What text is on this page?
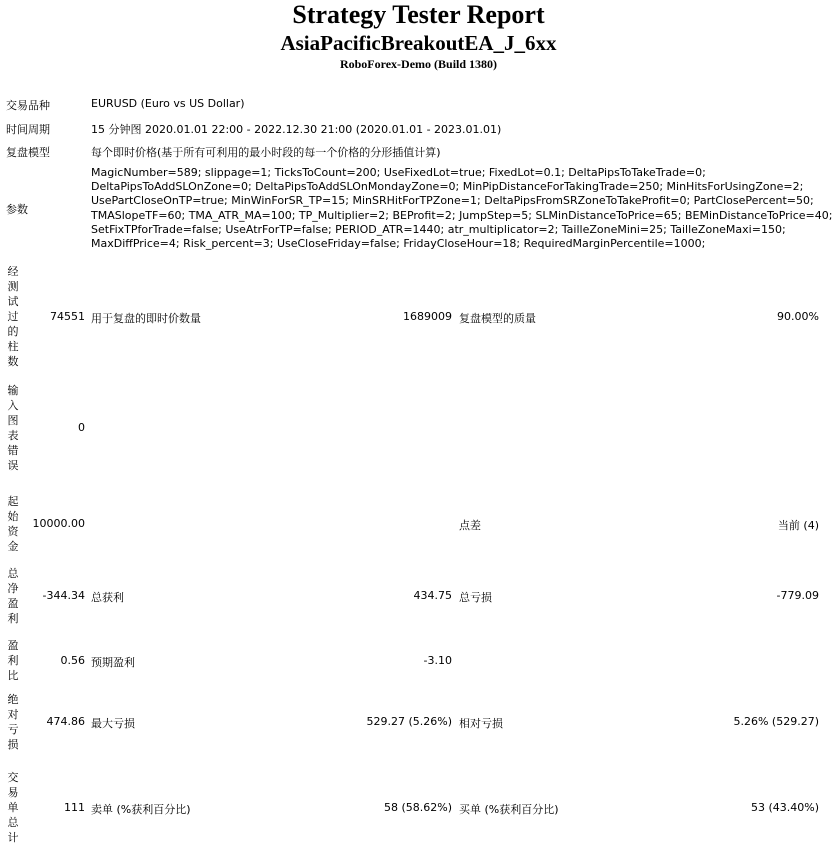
Strategy Tester Report
AsiaPacificBreakoutEA_J_6xx
RoboForex-Demo (Build 1380)
交易品种	EURUSD (Euro vs US Dollar)
时间周期	15 分钟图 2020.01.01 22:00 - 2022.12.30 21:00 (2020.01.01 - 2023.01.01)
复盘模型	每个即时价格(基于所有可利用的最小时段的每一个价格的分形插值计算)
参数
MagicNumber=589; slippage=1; TicksToCount=200; UseFixedLot=true; FixedLot=0.1; DeltaPipsToTakeTrade=0;
DeltaPipsToAddSLOnZone=0; DeltaPipsToAddSLOnMondayZone=0; MinPipDistanceForTakingTrade=250; MinHitsForUsingZone=2;
UsePartCloseOnTP=true; MinWinForSR_TP=15; MinSRHitForTPZone=1; DeltaPipsFromSRZoneToTakeProfit=0; PartClosePercent=50;
TMASlopeTF=60; TMA_ATR_MA=100; TP_Multiplier=2; BEProfit=2; JumpStep=5; SLMinDistanceToPrice=65; BEMinDistanceToPrice=40;
SetFixTPforTrade=false; UseAtrForTP=false; PERIOD_ATR=1440; atr_multiplicator=2; TailleZoneMini=25; TailleZoneMaxi=150;
MaxDiffPrice=4; Risk_percent=3; UseCloseFriday=false; FridayCloseHour=18; RequiredMarginPercentile=1000;
经
测
试
过
的
柱
数
74551 用于复盘的即时价数量	1689009 复盘模型的质量	90.00%
输
入
图
表
错
误
0
起
始
资
金
10000.00	点差	当前 (4)
总
净
盈
利
-344.34 总获利	434.75 总亏损	-779.09
盈
利
比
0.56 预期盈利	-3.10
绝
对
亏
损
474.86 最大亏损	529.27 (5.26%) 相对亏损	5.26% (529.27)
交
易
单
总
计
111 卖单 (%获利百分比)	58 (58.62%) 买单 (%获利百分比)	53 (43.40%)
